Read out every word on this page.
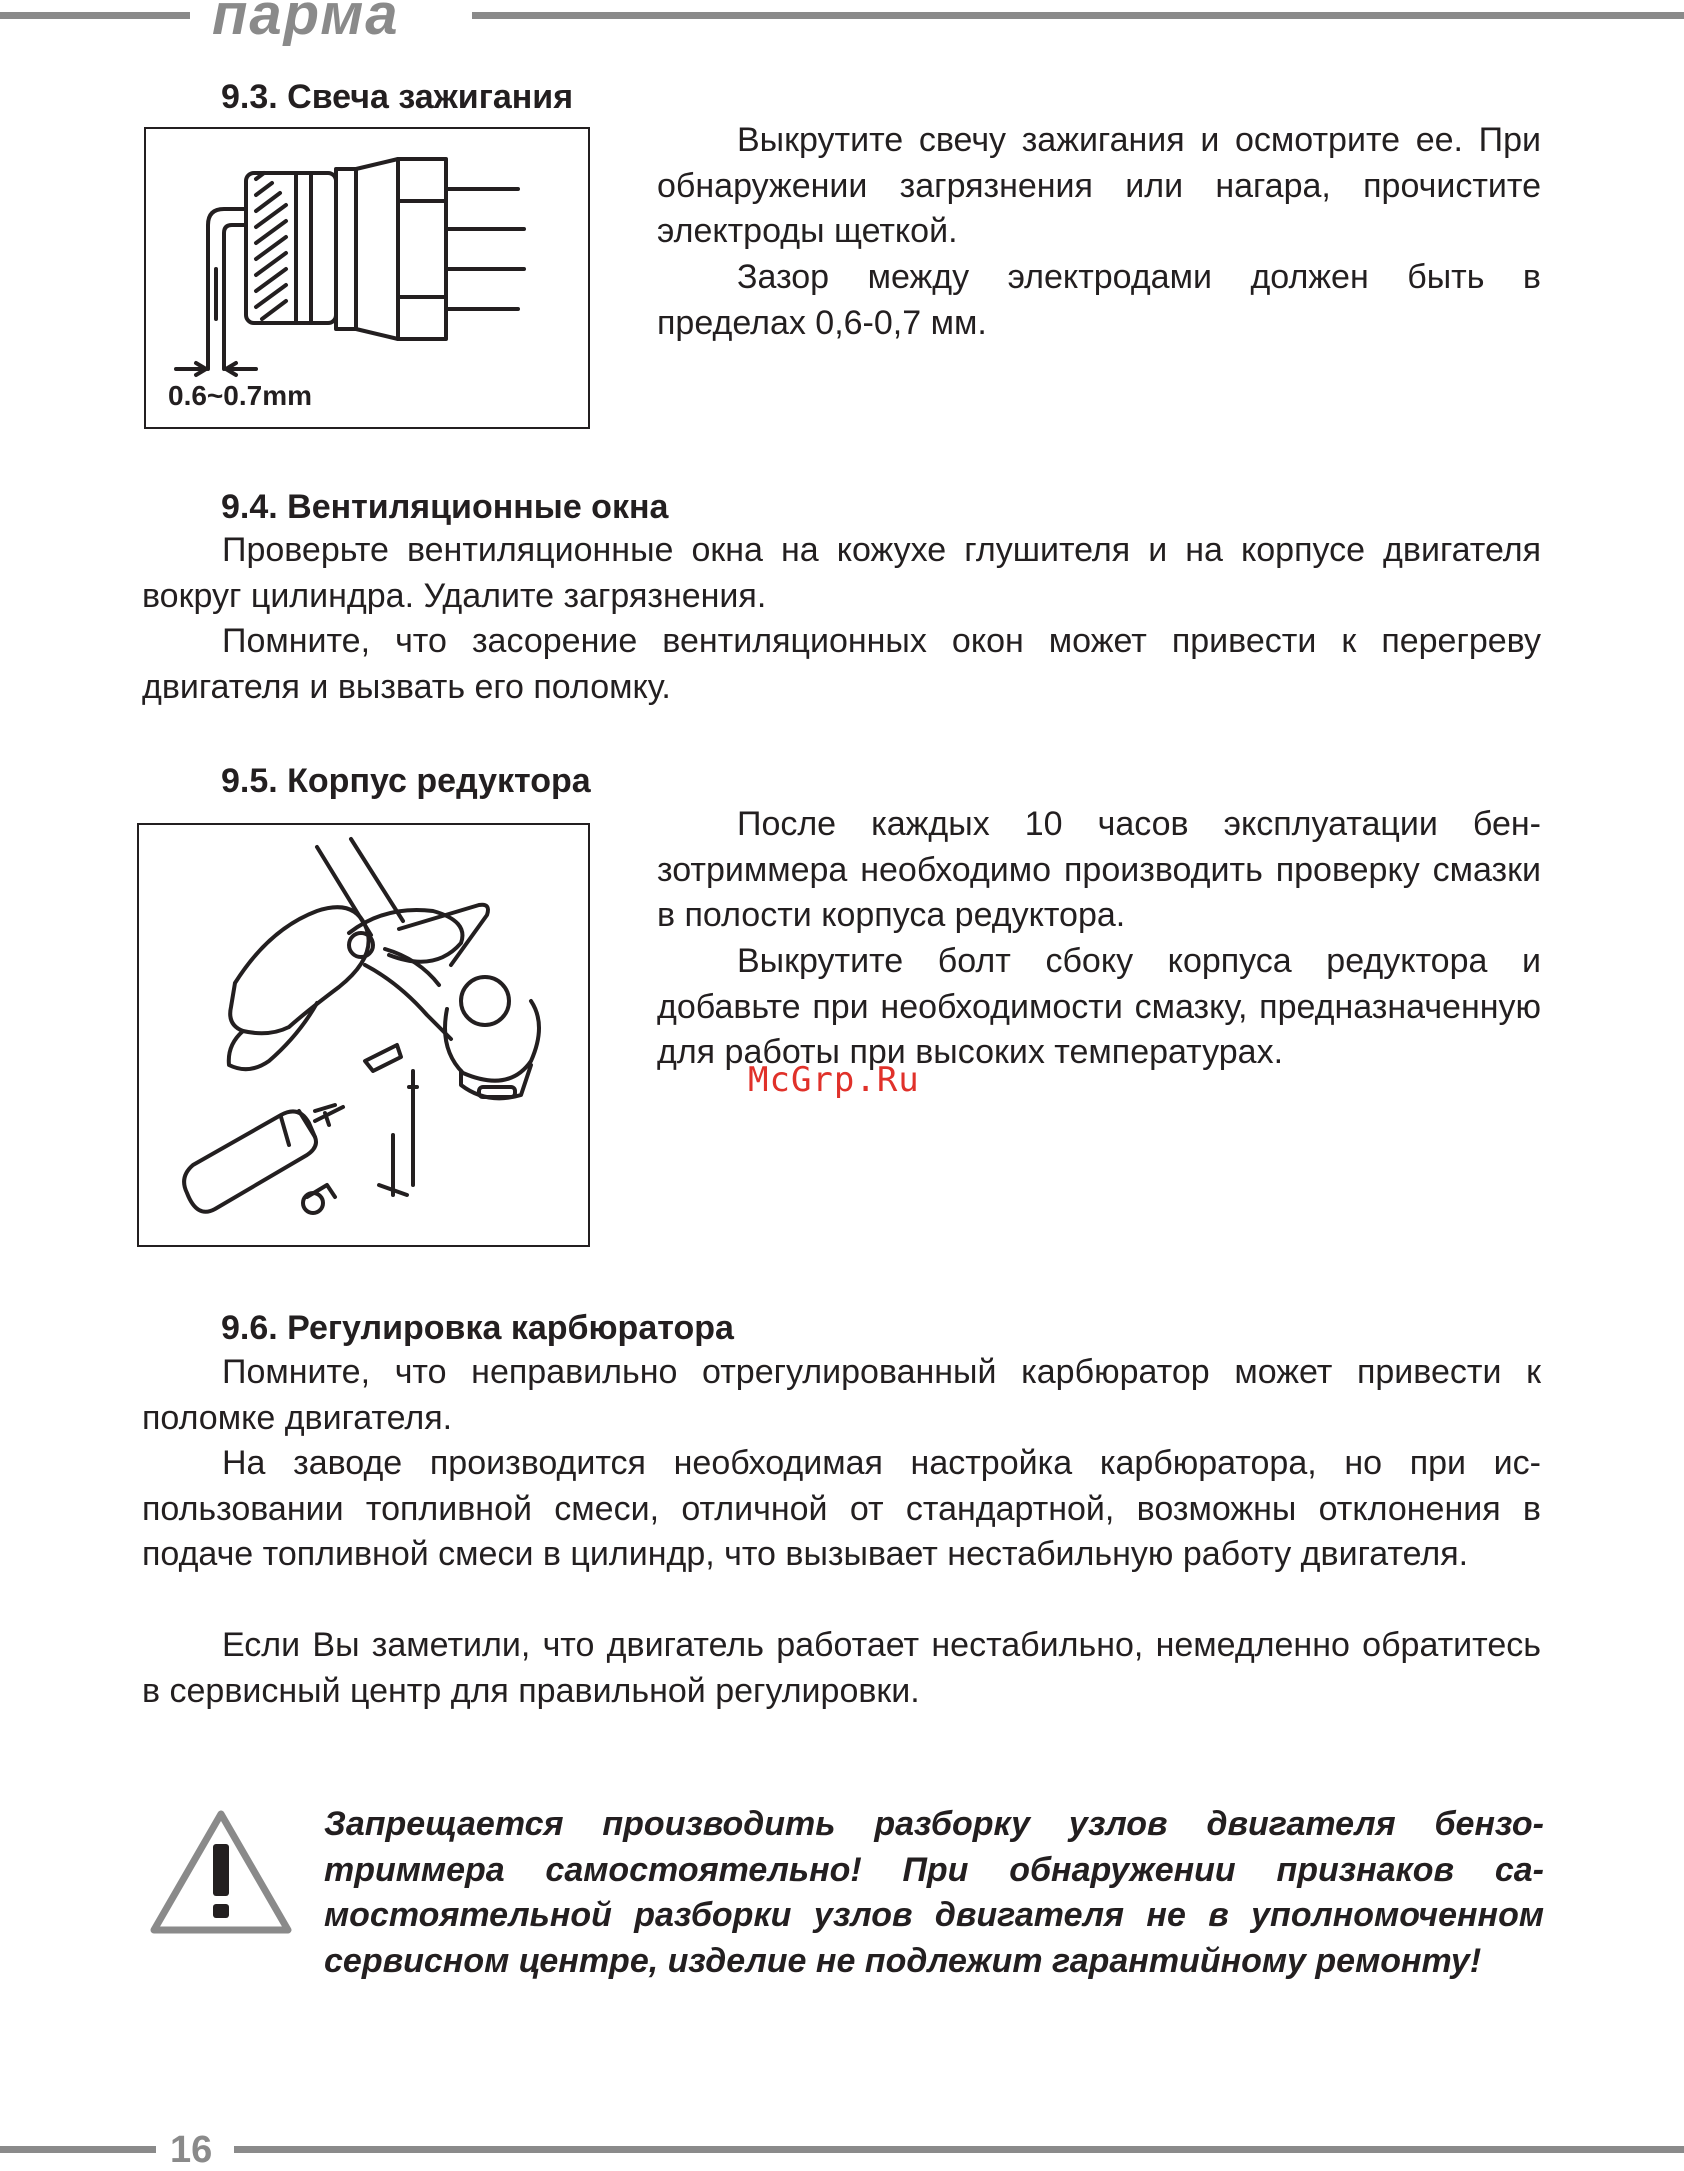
парма
9.3. Свеча зажигания
0.6~0.7mm

Выкрутите свечу зажигания и осмотрите ее. При обнаружении загрязнения или нагара, прочистите электроды щеткой.

Зазор между электродами должен быть в пределах 0,6-0,7 мм.

9.4. Вентиляционные окна

Проверьте вентиляционные окна на кожухе глушителя и на корпусе двигателя вокруг цилиндра. Удалите загрязнения.

Помните, что засорение вентиляционных окон может привести к перегреву двигателя и вызвать его поломку.

9.5. Корпус редуктора

После каждых 10 часов эксплуатации бензотриммера необходимо производить проверку смазки в полости корпуса редуктора.

Выкрутите болт сбоку корпуса редуктора и добавьте при необходимости смазку, предназначенную для работы при высоких температурах.

McGrp.Ru
9.6. Регулировка карбюратора

Помните, что неправильно отрегулированный карбюратор может привести к поломке двигателя.

На заводе производится необходимая настройка карбюратора, но при использовании топливной смеси, отличной от стандартной, возможны отклонения в подаче топливной смеси в цилиндр, что вызывает нестабильную работу двигателя.

Если Вы заметили, что двигатель работает нестабильно, немедленно обратитесь в сервисный центр для правильной регулировки.

Запрещается производить разборку узлов двигателя бензотриммера самостоятельно! При обнаружении признаков самостоятельной разборки узлов двигателя не в уполномоченном сервисном центре, изделие не подлежит гарантийному ремонту!

16
